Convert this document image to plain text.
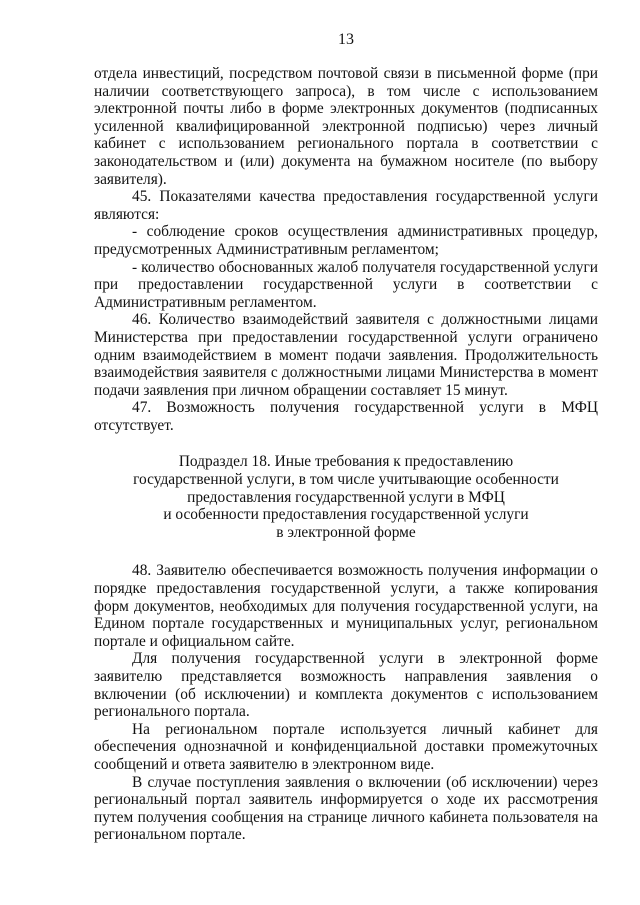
13

отдела инвестиций, посредством почтовой связи в письменной форме (при наличии соответствующего запроса), в том числе с использованием электронной почты либо в форме электронных документов (подписанных усиленной квалифицированной электронной подписью) через личный кабинет с использованием регионального портала в соответствии с законодательством и (или) документа на бумажном носителе (по выбору заявителя).

45. Показателями качества предоставления государственной услуги являются:

- соблюдение сроков осуществления административных процедур, предусмотренных Административным регламентом;

- количество обоснованных жалоб получателя государственной услуги при предоставлении государственной услуги в соответствии с Административным регламентом.

46. Количество взаимодействий заявителя с должностными лицами Министерства при предоставлении государственной услуги ограничено одним взаимодействием в момент подачи заявления. Продолжительность взаимодействия заявителя с должностными лицами Министерства в момент подачи заявления при личном обращении составляет 15 минут.

47. Возможность получения государственной услуги в МФЦ отсутствует.

Подраздел 18. Иные требования к предоставлению
государственной услуги, в том числе учитывающие особенности
предоставления государственной услуги в МФЦ
и особенности предоставления государственной услуги
в электронной форме

48. Заявителю обеспечивается возможность получения информации о порядке предоставления государственной услуги, а также копирования форм документов, необходимых для получения государственной услуги, на Едином портале государственных и муниципальных услуг, региональном портале и официальном сайте.

Для получения государственной услуги в электронной форме заявителю представляется возможность направления заявления о включении (об исключении) и комплекта документов с использованием регионального портала.

На региональном портале используется личный кабинет для обеспечения однозначной и конфиденциальной доставки промежуточных сообщений и ответа заявителю в электронном виде.

В случае поступления заявления о включении (об исключении) через региональный портал заявитель информируется о ходе их рассмотрения путем получения сообщения на странице личного кабинета пользователя на региональном портале.
